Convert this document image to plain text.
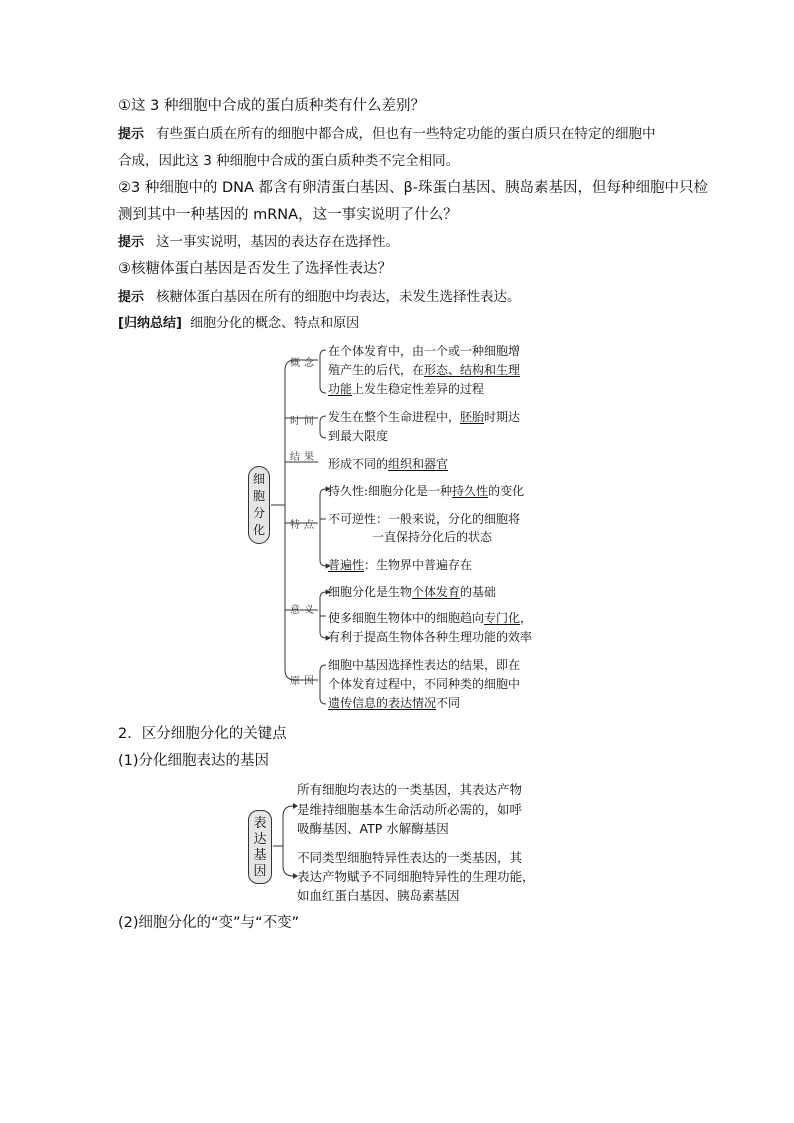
①这 3 种细胞中合成的蛋白质种类有什么差别？
提示 有些蛋白质在所有的细胞中都合成，但也有一些特定功能的蛋白质只在特定的细胞中
合成，因此这 3 种细胞中合成的蛋白质种类不完全相同。
②3 种细胞中的 DNA 都含有卵清蛋白基因、β-珠蛋白基因、胰岛素基因，但每种细胞中只检
测到其中一种基因的 mRNA，这一事实说明了什么？
提示 这一事实说明，基因的表达存在选择性。
③核糖体蛋白基因是否发生了选择性表达？
提示 核糖体蛋白基因在所有的细胞中均表达，未发生选择性表达。
[归纳总结] 细胞分化的概念、特点和原因
细胞分化
概念
时间
结果
特点
意义
原因
在个体发育中，由一个或一种细胞增
殖产生的后代，在形态、结构和生理
功能上发生稳定性差异的过程
发生在整个生命进程中，胚胎时期达
到最大限度
形成不同的组织和器官
持久性:细胞分化是一种持久性的变化
不可逆性：一般来说，分化的细胞将
一直保持分化后的状态
普遍性：生物界中普遍存在
细胞分化是生物个体发育的基础
使多细胞生物体中的细胞趋向专门化，
有利于提高生物体各种生理功能的效率
细胞中基因选择性表达的结果，即在
个体发育过程中，不同种类的细胞中
遗传信息的表达情况不同
2．区分细胞分化的关键点
(1)分化细胞表达的基因
表达基因
所有细胞均表达的一类基因，其表达产物
是维持细胞基本生命活动所必需的，如呼
吸酶基因、ATP 水解酶基因
不同类型细胞特异性表达的一类基因，其
表达产物赋予不同细胞特异性的生理功能，
如血红蛋白基因、胰岛素基因
(2)细胞分化的“变”与“不变”
